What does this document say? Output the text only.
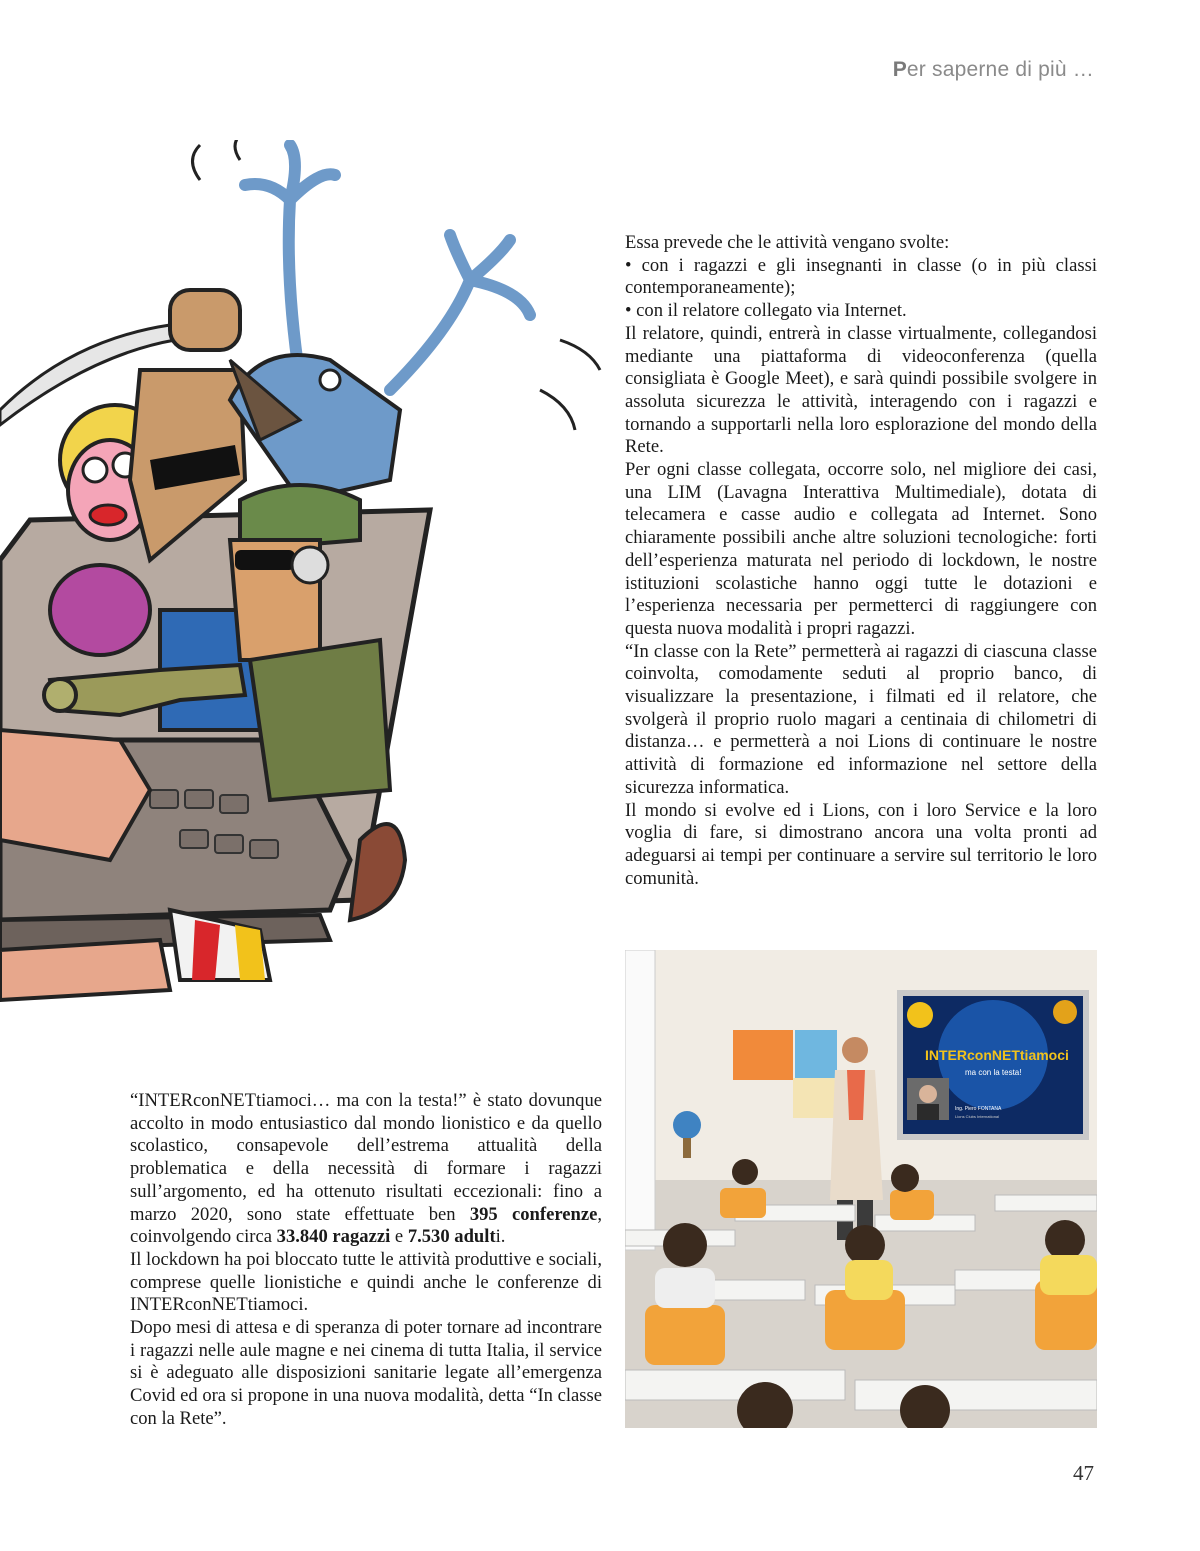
Per saperne di più …

Essa prevede che le attività vengano svolte:

• con i ragazzi e gli insegnanti in classe (o in più classi contemporaneamente);

• con il relatore collegato via Internet.

Il relatore, quindi, entrerà in classe virtualmente, collegandosi mediante una piattaforma di videoconferenza (quella consigliata è Google Meet), e sarà quindi possibile svolgere in assoluta sicurezza le attività, interagendo con i ragazzi e tornando a supportarli nella loro esplorazione del mondo della Rete.

Per ogni classe collegata, occorre solo, nel migliore dei casi, una LIM (Lavagna Interattiva Multimediale), dotata di telecamera e casse audio e collegata ad Internet. Sono chiaramente possibili anche altre soluzioni tecnologiche: forti dell’esperienza maturata nel periodo di lockdown, le nostre istituzioni scolastiche hanno oggi tutte le dotazioni e l’esperienza necessaria per permetterci di raggiungere con questa nuova modalità i propri ragazzi.

“In classe con la Rete” permetterà ai ragazzi di ciascuna classe coinvolta, comodamente seduti al proprio banco, di visualizzare la presentazione, i filmati ed il relatore, che svolgerà il proprio ruolo magari a centinaia di chilometri di distanza… e permetterà a noi Lions di continuare le nostre attività di formazione ed informazione nel settore della sicurezza informatica.

Il mondo si evolve ed i Lions, con i loro Service e la loro voglia di fare, si dimostrano ancora una volta pronti ad adeguarsi ai tempi per continuare a servire sul territorio le loro comunità.

INTERconNETtiamoci
ma con la testa!
Ing. Piero FONTANA
Lions Clubs International

“INTERconNETtiamoci… ma con la testa!” è stato dovunque accolto in modo entusiastico dal mondo lionistico e da quello scolastico, consapevole dell’estrema attualità della problematica e della necessità di formare i ragazzi sull’argomento, ed ha ottenuto risultati eccezionali: fino a marzo 2020, sono state effettuate ben 395 conferenze, coinvolgendo circa 33.840 ragazzi e 7.530 adulti.

Il lockdown ha poi bloccato tutte le attività produttive e sociali, comprese quelle lionistiche e quindi anche le conferenze di INTERconNETtiamoci.

Dopo mesi di attesa e di speranza di poter tornare ad incontrare i ragazzi nelle aule magne e nei cinema di tutta Italia, il service si è adeguato alle disposizioni sanitarie legate all’emergenza Covid ed ora si propone in una nuova modalità, detta “In classe con la Rete”.

47
